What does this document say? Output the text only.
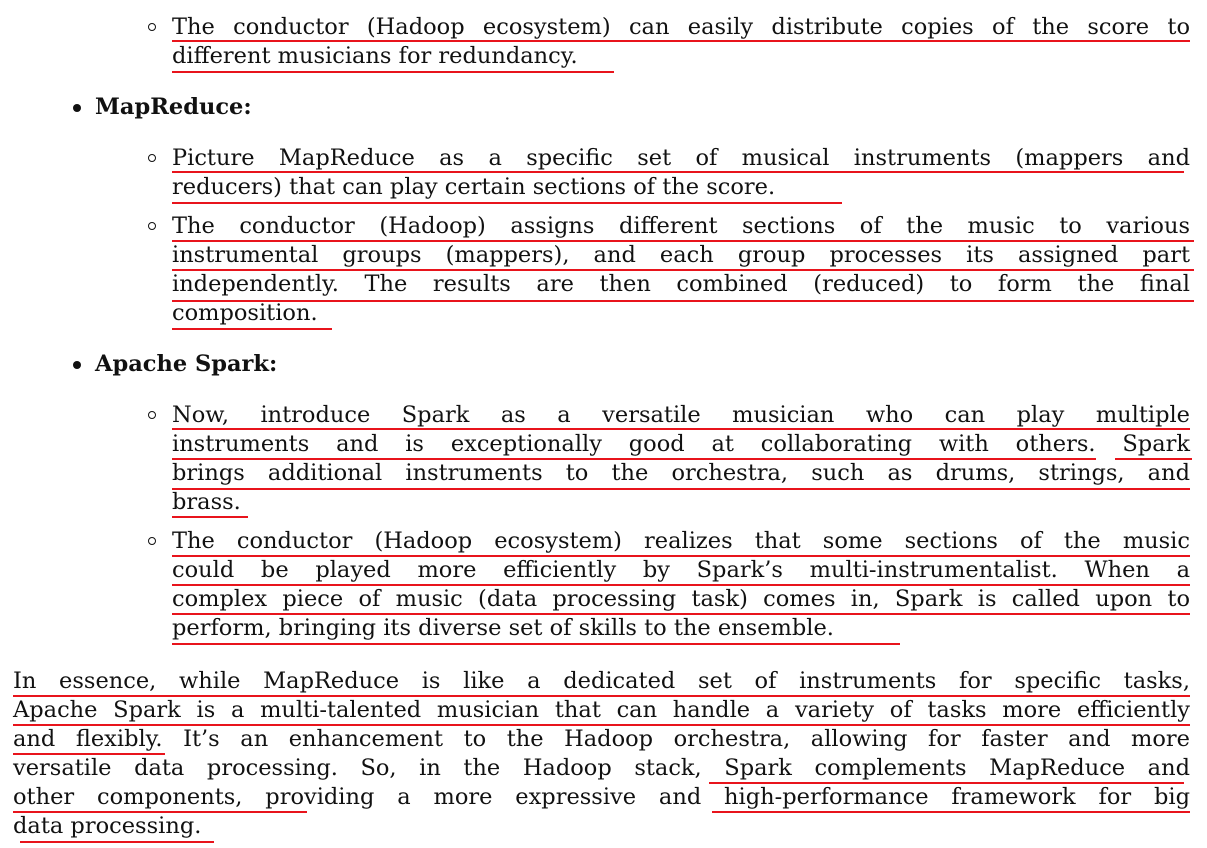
The conductor (Hadoop ecosystem) can easily distribute copies of the score to
different musicians for redundancy.
MapReduce:
Picture MapReduce as a specific set of musical instruments (mappers and
reducers) that can play certain sections of the score.
The conductor (Hadoop) assigns different sections of the music to various
instrumental groups (mappers), and each group processes its assigned part
independently. The results are then combined (reduced) to form the final
composition.
Apache Spark:
Now, introduce Spark as a versatile musician who can play multiple
instruments and is exceptionally good at collaborating with others. Spark
brings additional instruments to the orchestra, such as drums, strings, and
brass.
The conductor (Hadoop ecosystem) realizes that some sections of the music
could be played more efficiently by Spark’s multi-instrumentalist. When a
complex piece of music (data processing task) comes in, Spark is called upon to
perform, bringing its diverse set of skills to the ensemble.
In essence, while MapReduce is like a dedicated set of instruments for specific tasks,
Apache Spark is a multi-talented musician that can handle a variety of tasks more efficiently
and flexibly. It’s an enhancement to the Hadoop orchestra, allowing for faster and more
versatile data processing. So, in the Hadoop stack, Spark complements MapReduce and
other components, providing a more expressive and high-performance framework for big
data processing.
